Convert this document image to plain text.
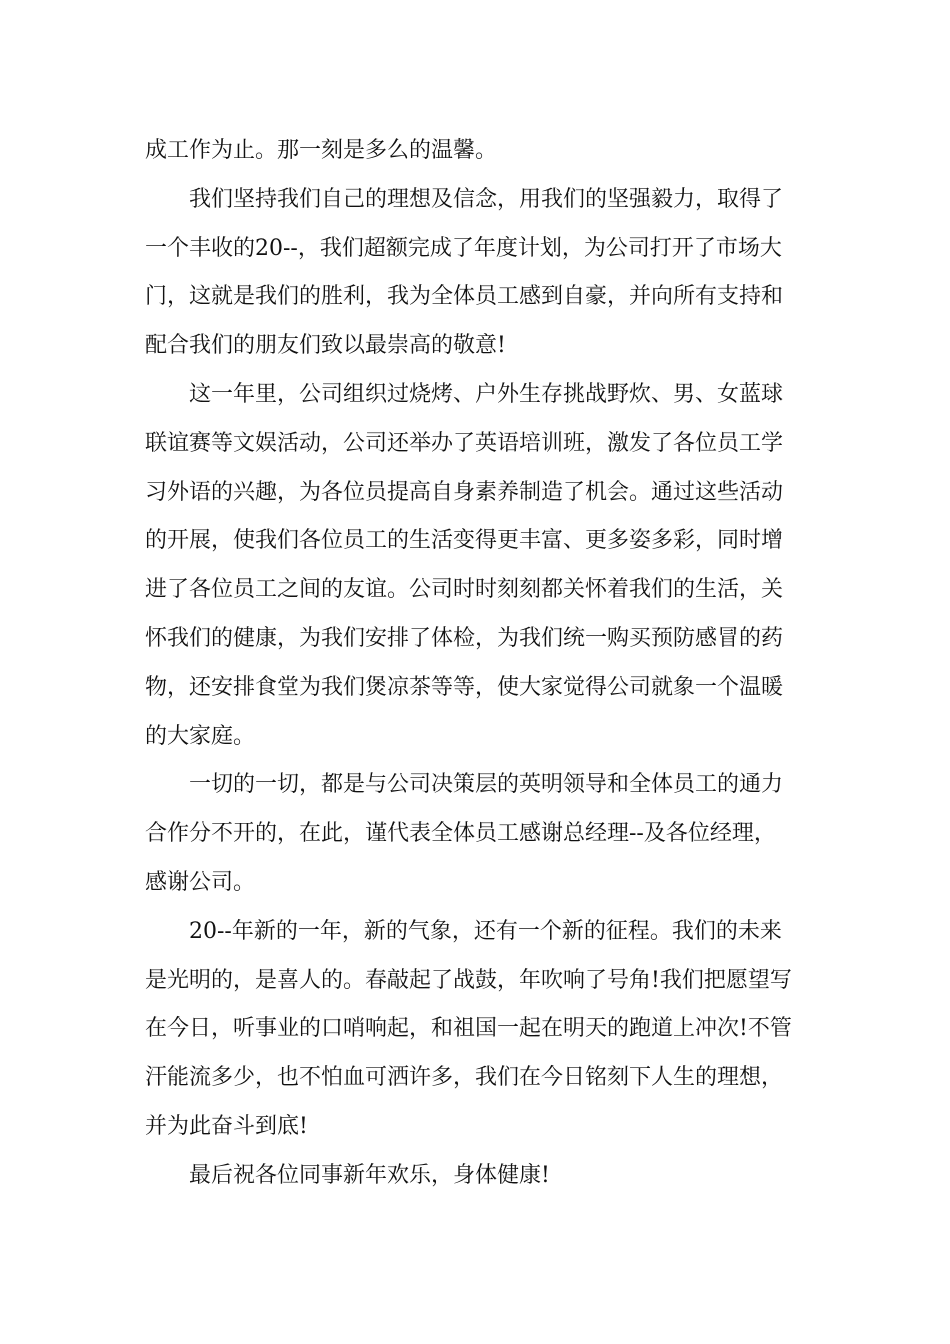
成工作为止。那一刻是多么的温馨。
我们坚持我们自己的理想及信念，用我们的坚强毅力，取得了
一个丰收的20--，我们超额完成了年度计划，为公司打开了市场大
门，这就是我们的胜利，我为全体员工感到自豪，并向所有支持和
配合我们的朋友们致以最崇高的敬意!
这一年里，公司组织过烧烤、户外生存挑战野炊、男、女蓝球
联谊赛等文娱活动，公司还举办了英语培训班，激发了各位员工学
习外语的兴趣，为各位员提高自身素养制造了机会。通过这些活动
的开展，使我们各位员工的生活变得更丰富、更多姿多彩，同时增
进了各位员工之间的友谊。公司时时刻刻都关怀着我们的生活，关
怀我们的健康，为我们安排了体检，为我们统一购买预防感冒的药
物，还安排食堂为我们煲凉茶等等，使大家觉得公司就象一个温暖
的大家庭。
一切的一切，都是与公司决策层的英明领导和全体员工的通力
合作分不开的，在此，谨代表全体员工感谢总经理--及各位经理，
感谢公司。
20--年新的一年，新的气象，还有一个新的征程。我们的未来
是光明的，是喜人的。春敲起了战鼓，年吹响了号角!我们把愿望写
在今日，听事业的口哨响起，和祖国一起在明天的跑道上冲次!不管
汗能流多少，也不怕血可洒许多，我们在今日铭刻下人生的理想，
并为此奋斗到底!
最后祝各位同事新年欢乐，身体健康!
